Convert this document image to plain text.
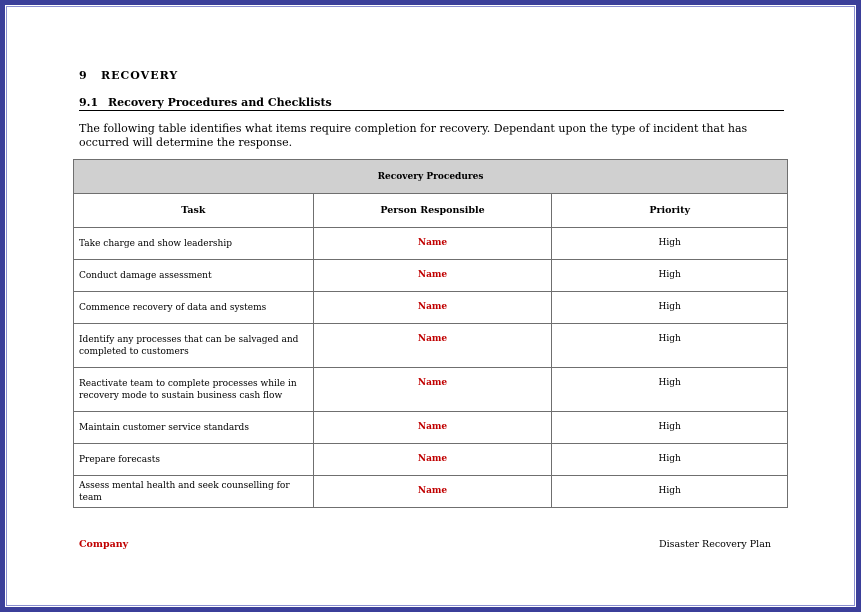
9 RECOVERY
9.1 Recovery Procedures and Checklists
The following table identifies what items require completion for recovery. Dependant upon the type of incident that has occurred will determine the response.
Recovery Procedures		
Task	Person Responsible	Priority
Take charge and show leadership	Name	High
Conduct damage assessment	Name	High
Commence recovery of data and systems	Name	High
Identify any processes that can be salvaged and completed to customers	Name	High
Reactivate team to complete processes while in recovery mode to sustain business cash flow	Name	High
Maintain customer service standards	Name	High
Prepare forecasts	Name	High
Assess mental health and seek counselling for team	Name	High
Company	Disaster Recovery Plan
